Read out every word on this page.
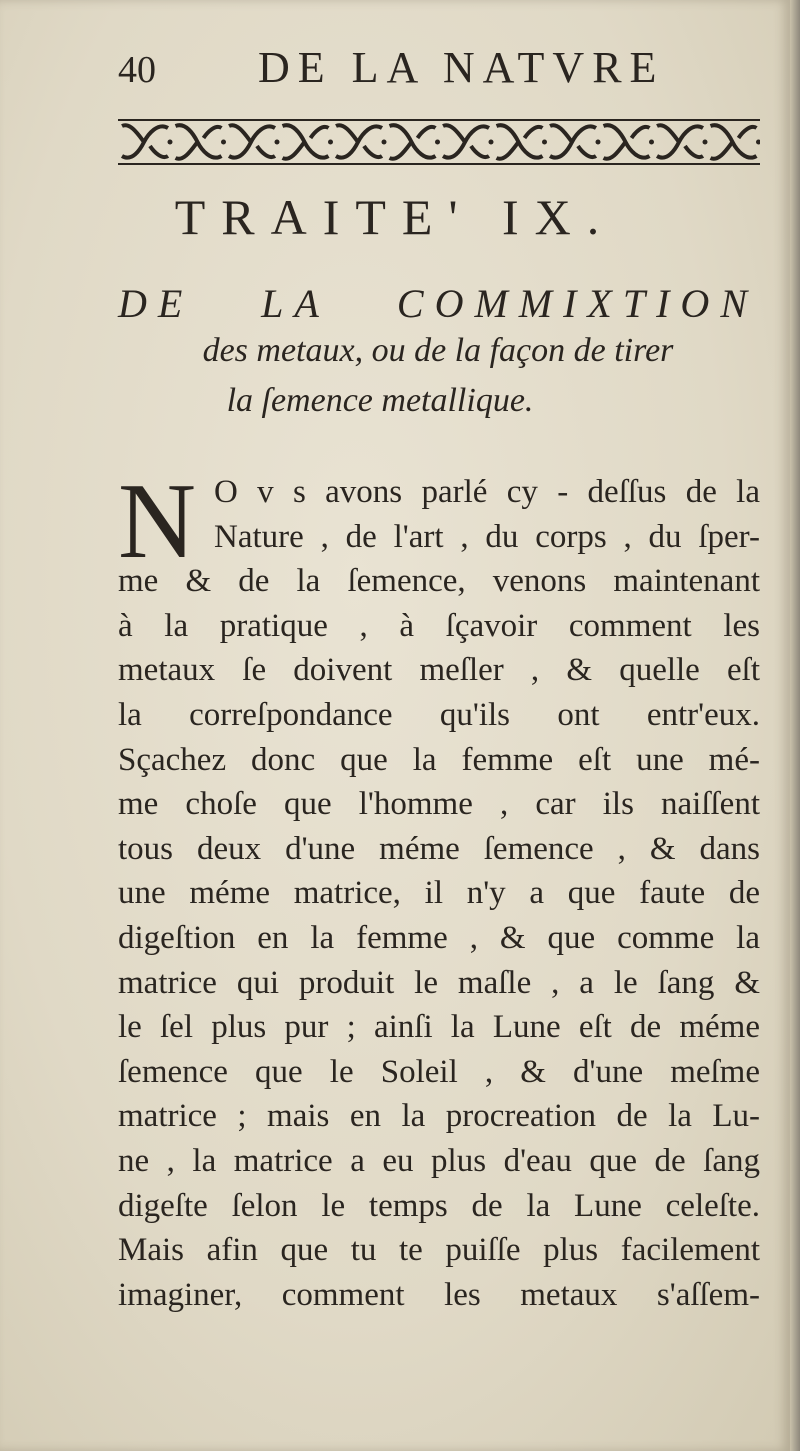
40 DE LA NATVRE
TRAITE' IX.
DE LA COMMIXTION
des metaux, ou de la façon de tirer
la ſemence metallique.
N O v s avons parlé cy - deſſus de la
Nature , de l'art , du corps , du ſper-
me & de la ſemence, venons maintenant
à la pratique , à ſçavoir comment les
metaux ſe doivent meſler , & quelle eſt
la correſpondance qu'ils ont entr'eux.
Sçachez donc que la femme eſt une mé-
me choſe que l'homme , car ils naiſſent
tous deux d'une méme ſemence , & dans
une méme matrice, il n'y a que faute de
digeſtion en la femme , & que comme la
matrice qui produit le maſle , a le ſang &
le ſel plus pur ; ainſi la Lune eſt de méme
ſemence que le Soleil , & d'une meſme
matrice ; mais en la procreation de la Lu-
ne , la matrice a eu plus d'eau que de ſang
digeſte ſelon le temps de la Lune celeſte.
Mais afin que tu te puiſſe plus facilement
imaginer, comment les metaux s'aſſem-
